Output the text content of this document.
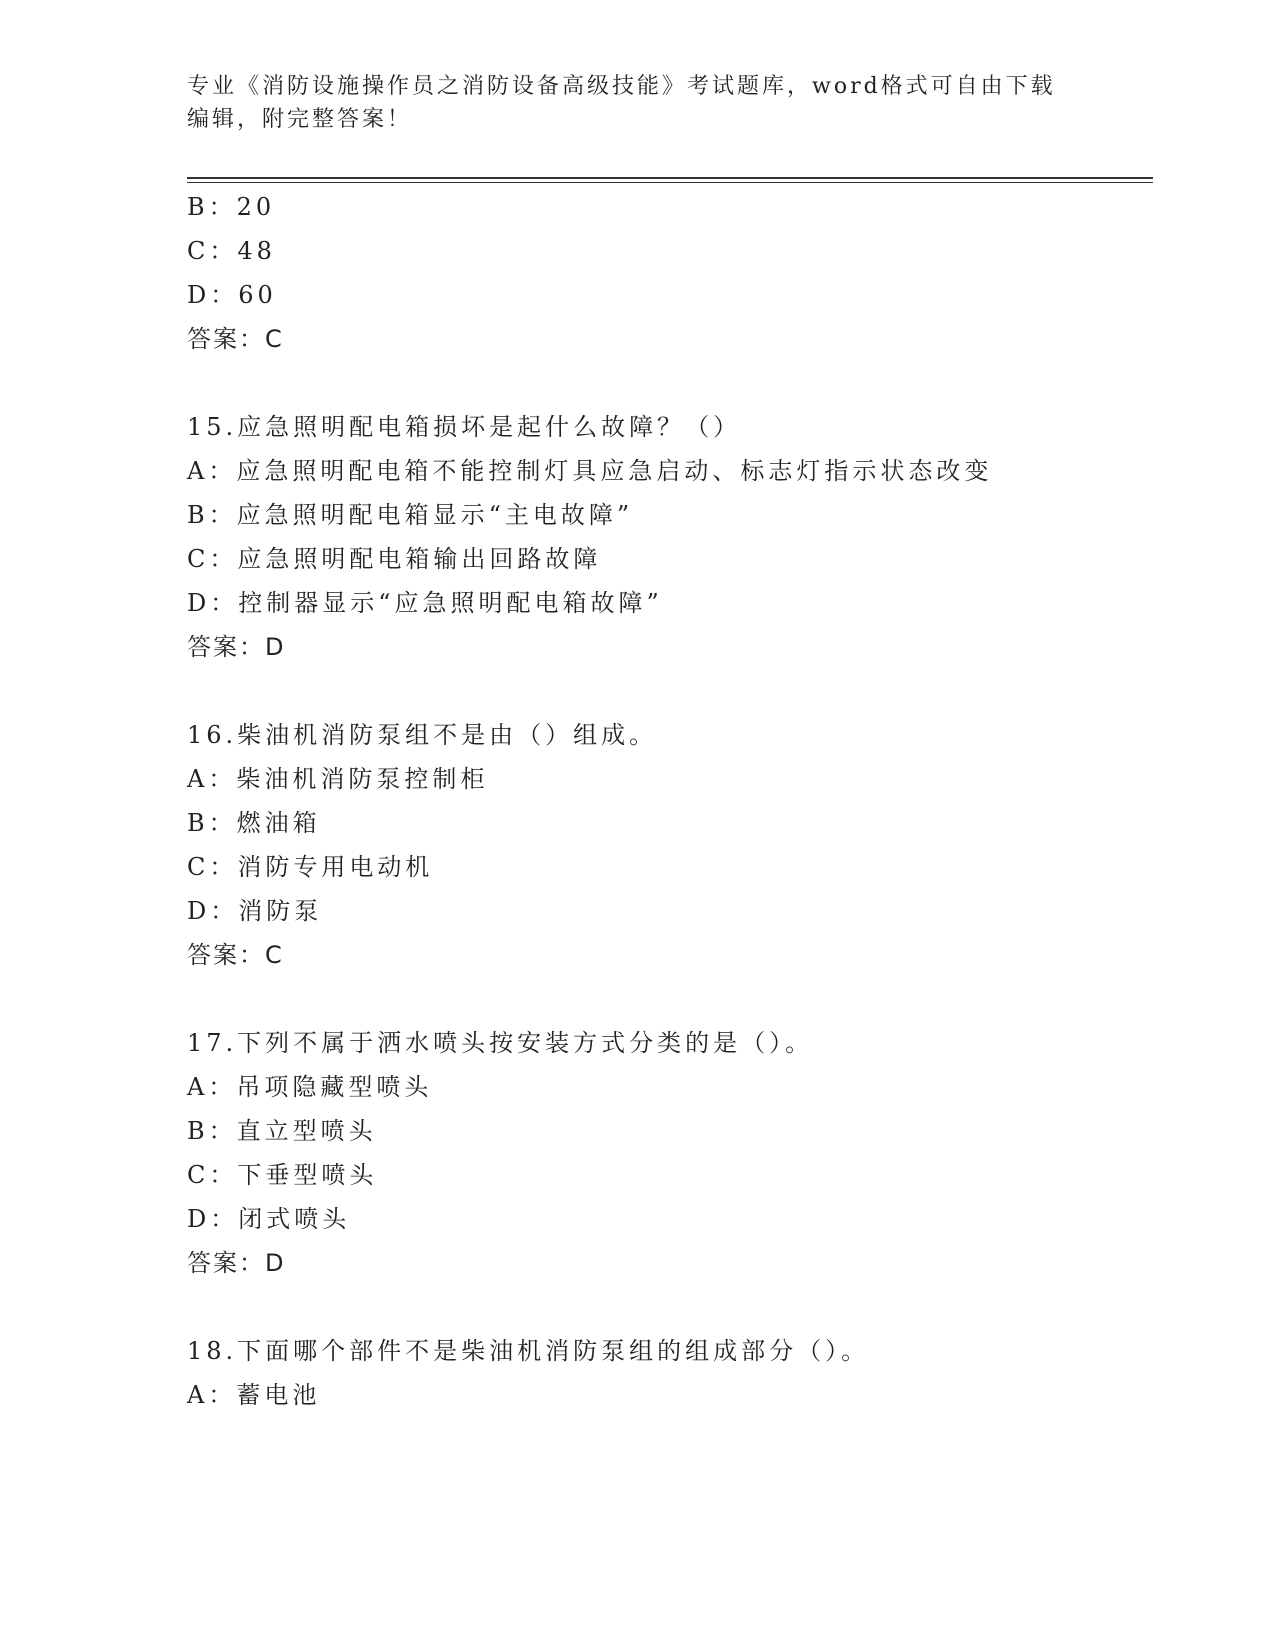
专业《消防设施操作员之消防设备高级技能》考试题库，word格式可自由下载编辑，附完整答案！
B：20
C：48
D：60
答案：C
15.应急照明配电箱损坏是起什么故障？（）
A：应急照明配电箱不能控制灯具应急启动、标志灯指示状态改变
B：应急照明配电箱显示“主电故障”
C：应急照明配电箱输出回路故障
D：控制器显示“应急照明配电箱故障”
答案：D
16.柴油机消防泵组不是由（）组成。
A：柴油机消防泵控制柜
B：燃油箱
C：消防专用电动机
D：消防泵
答案：C
17.下列不属于洒水喷头按安装方式分类的是（）。
A：吊项隐藏型喷头
B：直立型喷头
C：下垂型喷头
D：闭式喷头
答案：D
18.下面哪个部件不是柴油机消防泵组的组成部分（）。
A：蓄电池
